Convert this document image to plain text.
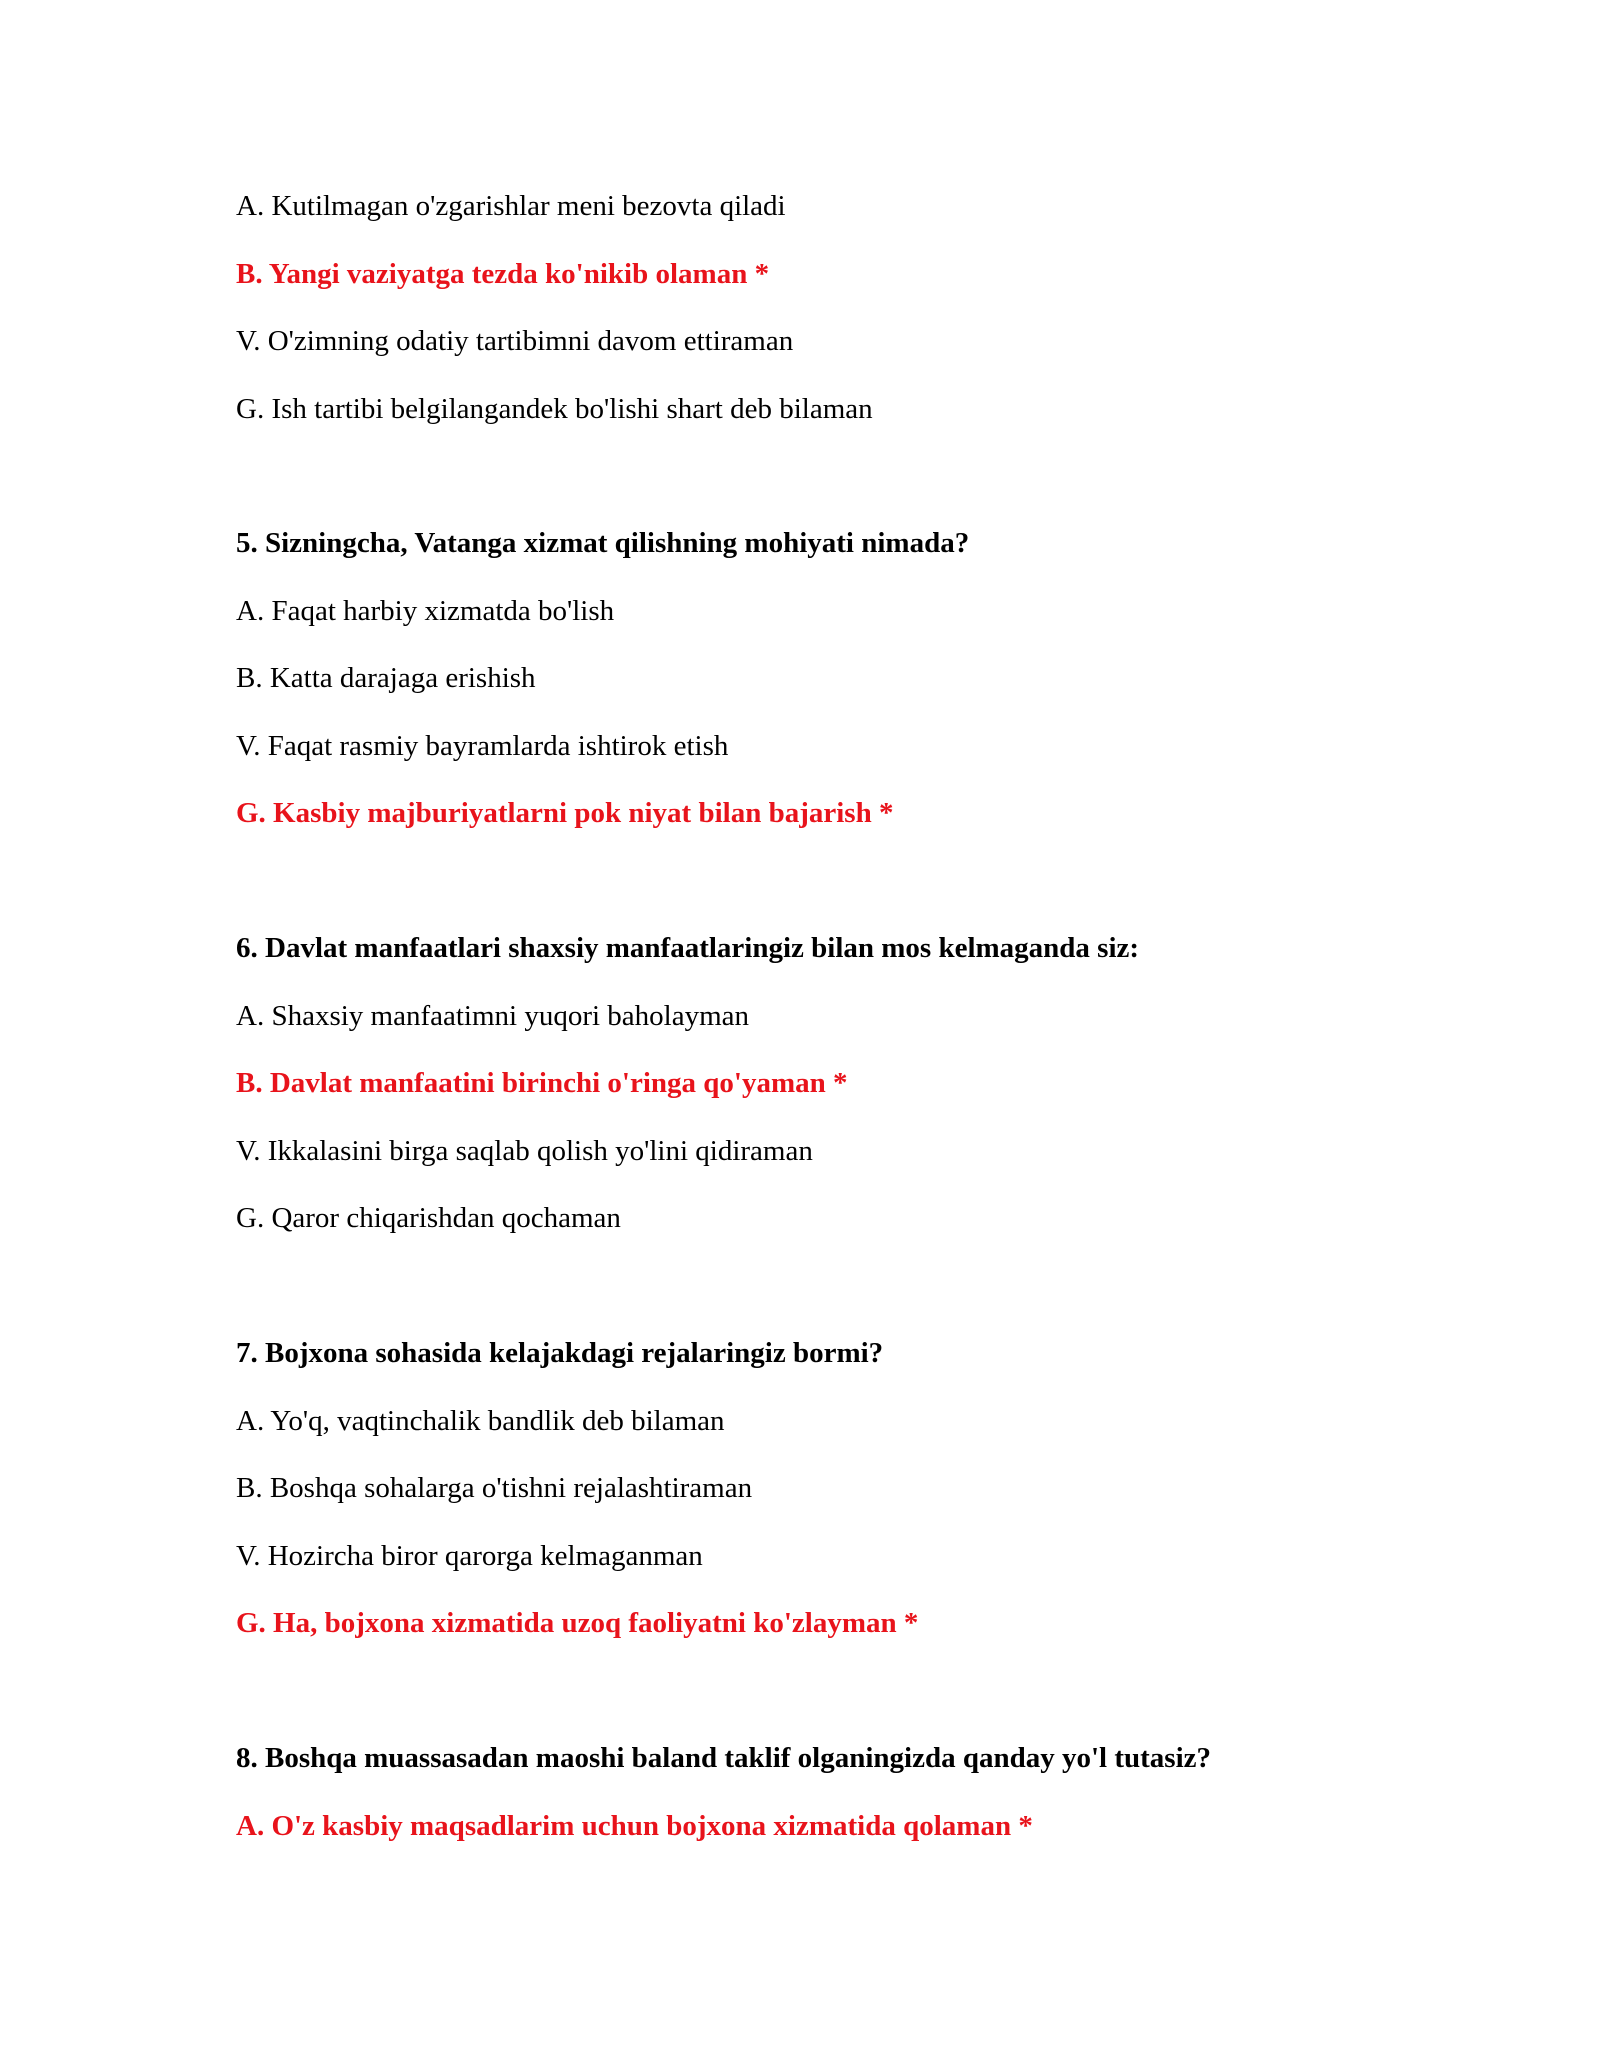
A. Kutilmagan o'zgarishlar meni bezovta qiladi
B. Yangi vaziyatga tezda ko'nikib olaman *
V. O'zimning odatiy tartibimni davom ettiraman
G. Ish tartibi belgilangandek bo'lishi shart deb bilaman
5. Sizningcha, Vatanga xizmat qilishning mohiyati nimada?
A. Faqat harbiy xizmatda bo'lish
B. Katta darajaga erishish
V. Faqat rasmiy bayramlarda ishtirok etish
G. Kasbiy majburiyatlarni pok niyat bilan bajarish *
6. Davlat manfaatlari shaxsiy manfaatlaringiz bilan mos kelmaganda siz:
A. Shaxsiy manfaatimni yuqori baholayman
B. Davlat manfaatini birinchi o'ringa qo'yaman *
V. Ikkalasini birga saqlab qolish yo'lini qidiraman
G. Qaror chiqarishdan qochaman
7. Bojxona sohasida kelajakdagi rejalaringiz bormi?
A. Yo'q, vaqtinchalik bandlik deb bilaman
B. Boshqa sohalarga o'tishni rejalashtiraman
V. Hozircha biror qarorga kelmaganman
G. Ha, bojxona xizmatida uzoq faoliyatni ko'zlayman *
8. Boshqa muassasadan maoshi baland taklif olganingizda qanday yo'l tutasiz?
A. O'z kasbiy maqsadlarim uchun bojxona xizmatida qolaman *
